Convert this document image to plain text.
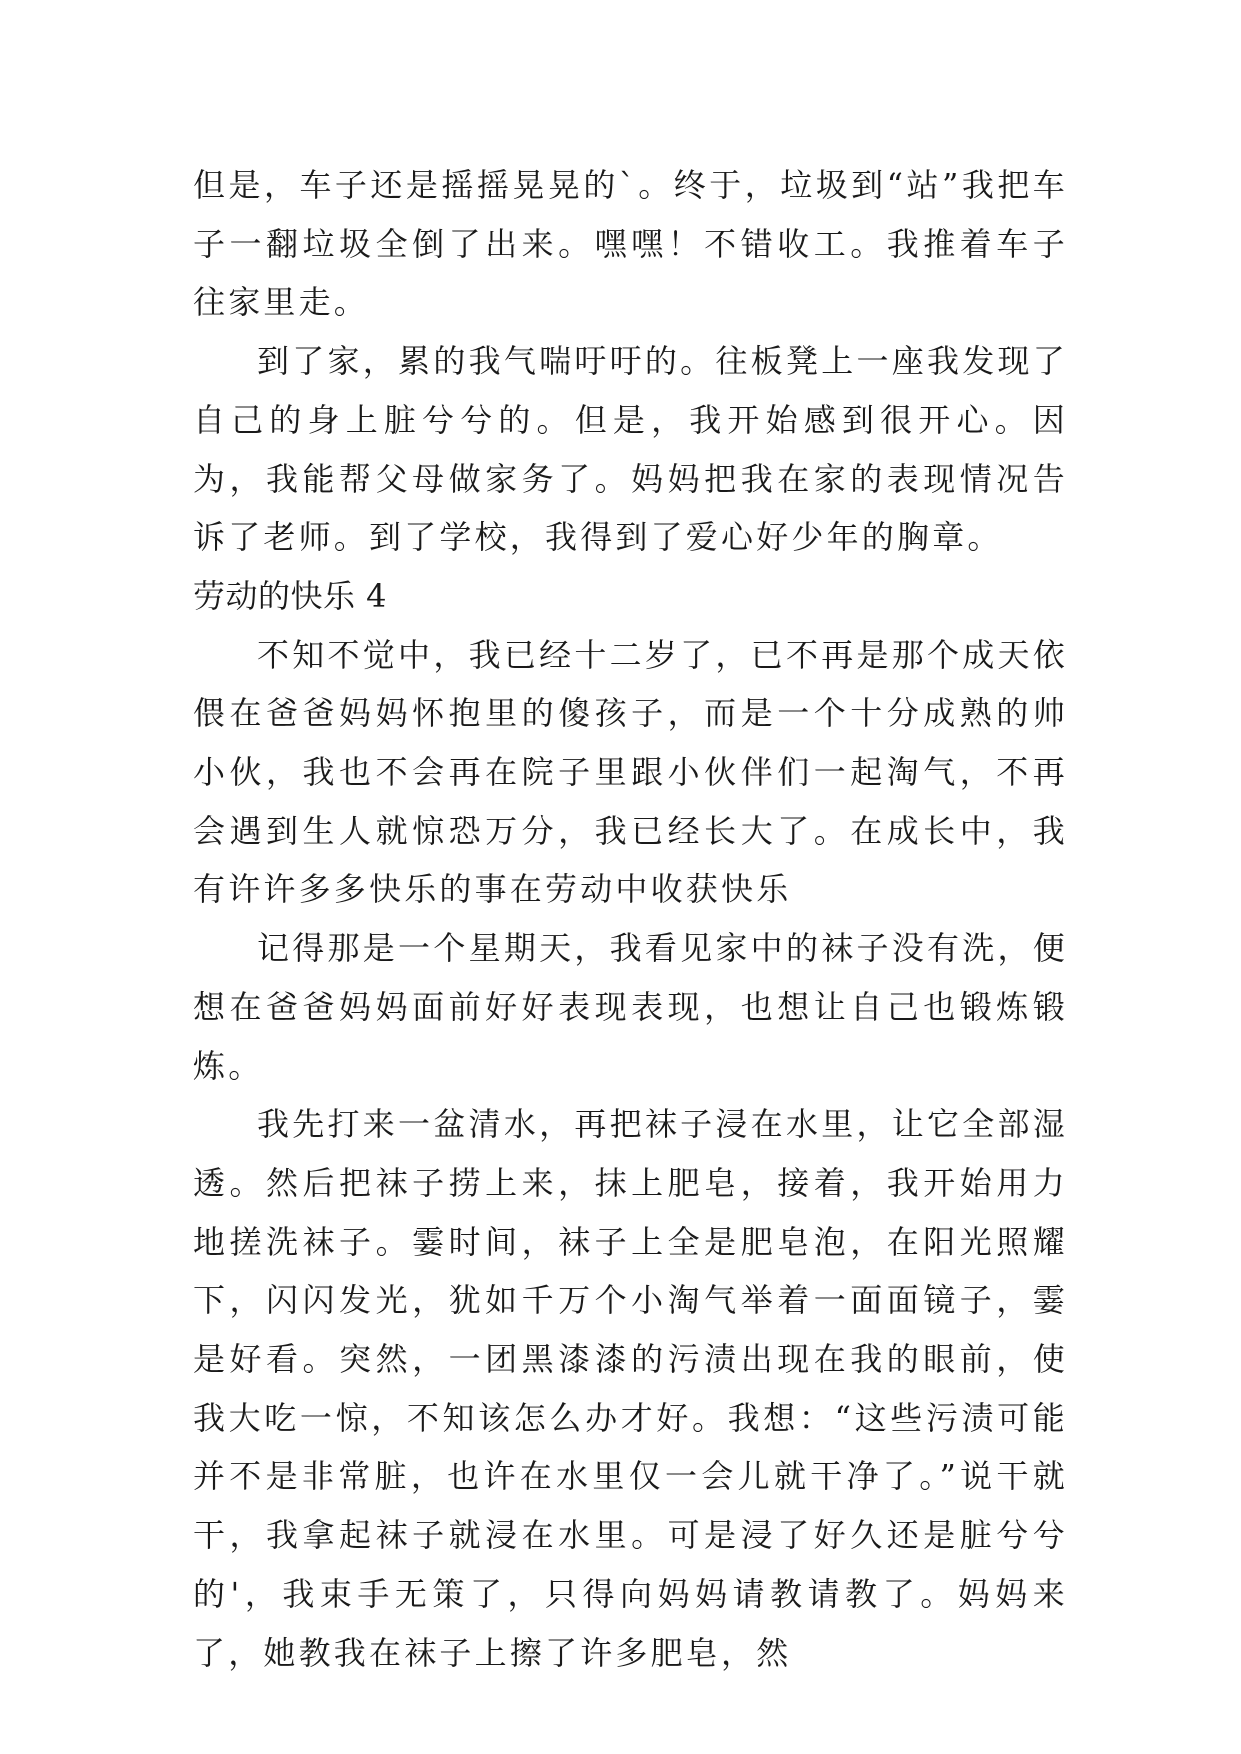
但是，车子还是摇摇晃晃的`。终于，垃圾到“站”我把车子一翻垃圾全倒了出来。嘿嘿！不错收工。我推着车子往家里走。

到了家，累的我气喘吁吁的。往板凳上一座我发现了自己的身上脏兮兮的。但是，我开始感到很开心。因为，我能帮父母做家务了。妈妈把我在家的表现情况告诉了老师。到了学校，我得到了爱心好少年的胸章。

劳动的快乐 4

不知不觉中，我已经十二岁了，已不再是那个成天依偎在爸爸妈妈怀抱里的傻孩子，而是一个十分成熟的帅小伙，我也不会再在院子里跟小伙伴们一起淘气，不再会遇到生人就惊恐万分，我已经长大了。在成长中，我有许许多多快乐的事在劳动中收获快乐

记得那是一个星期天，我看见家中的袜子没有洗，便想在爸爸妈妈面前好好表现表现，也想让自己也锻炼锻炼。

我先打来一盆清水，再把袜子浸在水里，让它全部湿透。然后把袜子捞上来，抹上肥皂，接着，我开始用力地搓洗袜子。霎时间，袜子上全是肥皂泡，在阳光照耀下，闪闪发光，犹如千万个小淘气举着一面面镜子，霎是好看。突然，一团黑漆漆的污渍出现在我的眼前，使我大吃一惊，不知该怎么办才好。我想：“这些污渍可能并不是非常脏，也许在水里仅一会儿就干净了。”说干就干，我拿起袜子就浸在水里。可是浸了好久还是脏兮兮的'，我束手无策了，只得向妈妈请教请教了。妈妈来了，她教我在袜子上擦了许多肥皂，然
